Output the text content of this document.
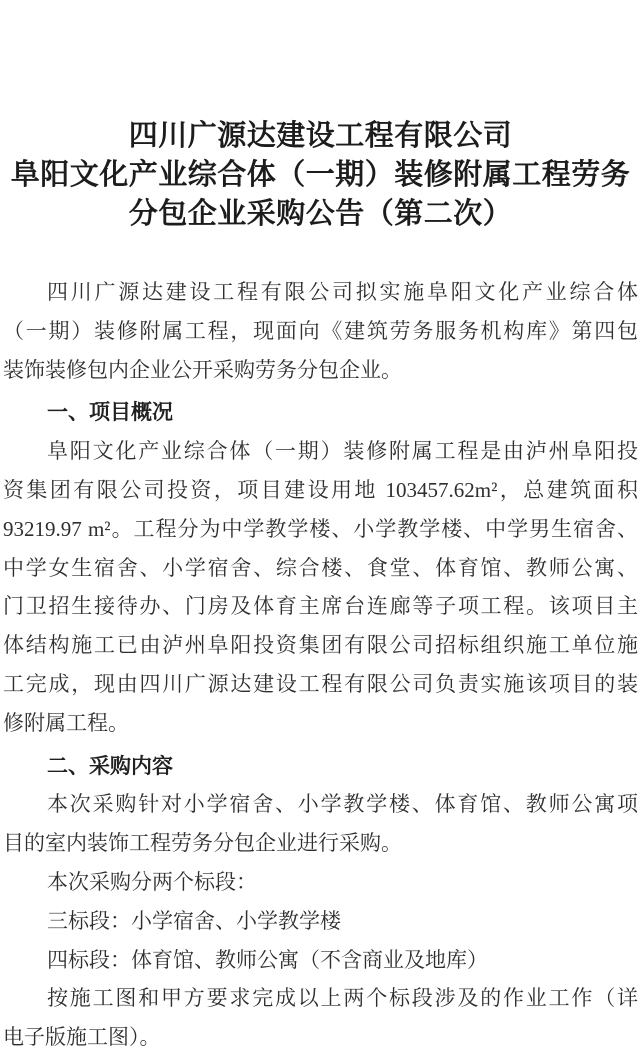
四川广源达建设工程有限公司
阜阳文化产业综合体（一期）装修附属工程劳务
分包企业采购公告（第二次）
四川广源达建设工程有限公司拟实施阜阳文化产业综合体
（一期）装修附属工程，现面向《建筑劳务服务机构库》第四包
装饰装修包内企业公开采购劳务分包企业。
一、项目概况
阜阳文化产业综合体（一期）装修附属工程是由泸州阜阳投
资集团有限公司投资，项目建设用地 103457.62m²，总建筑面积
93219.97 m²。工程分为中学教学楼、小学教学楼、中学男生宿舍、
中学女生宿舍、小学宿舍、综合楼、食堂、体育馆、教师公寓、
门卫招生接待办、门房及体育主席台连廊等子项工程。该项目主
体结构施工已由泸州阜阳投资集团有限公司招标组织施工单位施
工完成，现由四川广源达建设工程有限公司负责实施该项目的装
修附属工程。
二、采购内容
本次采购针对小学宿舍、小学教学楼、体育馆、教师公寓项
目的室内装饰工程劳务分包企业进行采购。
本次采购分两个标段：
三标段：小学宿舍、小学教学楼
四标段：体育馆、教师公寓（不含商业及地库）
按施工图和甲方要求完成以上两个标段涉及的作业工作（详
电子版施工图）。
